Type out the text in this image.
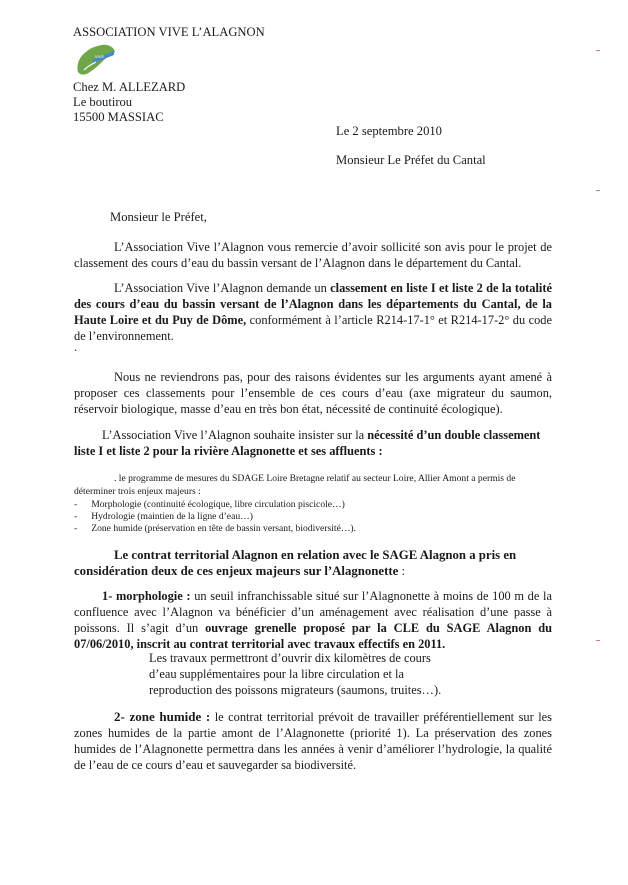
ASSOCIATION VIVE L’ALAGNON
VIVE
Chez M. ALLEZARD
Le boutirou
15500 MASSIAC
Le 2 septembre 2010
Monsieur Le Préfet du Cantal
Monsieur le Préfet,

L’Association Vive l’Alagnon vous remercie d’avoir sollicité son avis pour le projet de classement des cours d’eau du bassin versant de l’Alagnon dans le département du Cantal.

L’Association Vive l’Alagnon demande un classement en liste I et liste 2 de la totalité des cours d’eau du bassin versant de l’Alagnon dans les départements du Cantal, de la Haute Loire et du Puy de Dôme, conformément à l’article R214-17-1° et R214-17-2° du code de l’environnement.

.

Nous ne reviendrons pas, pour des raisons évidentes sur les arguments ayant amené à proposer ces classements pour l’ensemble de ces cours d’eau (axe migrateur du saumon, réservoir biologique, masse d’eau en très bon état, nécessité de continuité écologique).

L’Association Vive l’Alagnon souhaite insister sur la nécessité d’un double classement liste I et liste 2 pour la rivière Alagnonette et ses affluents :

. le programme de mesures du SDAGE Loire Bretagne relatif au secteur Loire, Allier Amont a permis de déterminer trois enjeux majeurs :
- Morphologie (continuité écologique, libre circulation piscicole…)
- Hydrologie (maintien de la ligne d’eau…)
- Zone humide (préservation en tête de bassin versant, biodiversité…).

Le contrat territorial Alagnon en relation avec le SAGE Alagnon a pris en considération deux de ces enjeux majeurs sur l’Alagnonette :

1- morphologie : un seuil infranchissable situé sur l’Alagnonette à moins de 100 m de la confluence avec l’Alagnon va bénéficier d’un aménagement avec réalisation d’une passe à poissons. Il s’agit d’un ouvrage grenelle proposé par la CLE du SAGE Alagnon du 07/06/2010, inscrit au contrat territorial avec travaux effectifs en 2011.

Les travaux permettront d’ouvrir dix kilomètres de cours d’eau supplémentaires pour la libre circulation et la reproduction des poissons migrateurs (saumons, truites…).

2- zone humide : le contrat territorial prévoit de travailler préférentiellement sur les zones humides de la partie amont de l’Alagnonette (priorité 1). La préservation des zones humides de l’Alagnonette permettra dans les années à venir d’améliorer l’hydrologie, la qualité de l’eau de ce cours d’eau et sauvegarder sa biodiversité.
